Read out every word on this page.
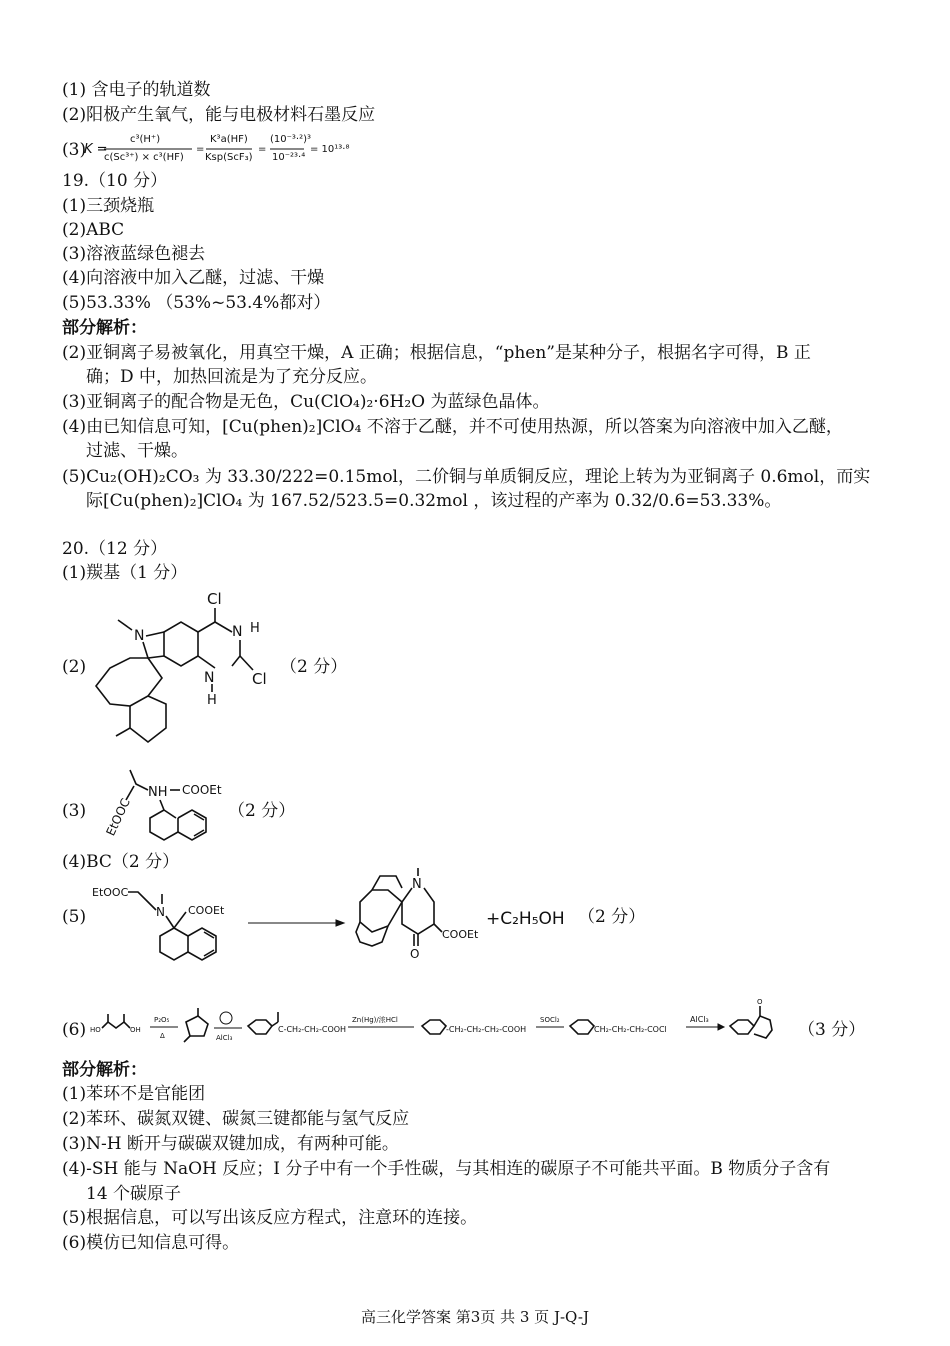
(1) 含电子的轨道数
(2)阳极产生氧气，能与电极材料石墨反应
(3)
K =
c³(H⁺)
c(Sc³⁺) × c³(HF)
=
K³a(HF)
Ksp(ScF₃)
=
(10⁻³·²)³
10⁻²³·⁴
= 10¹³·⁸
19.（10 分）
(1)三颈烧瓶
(2)ABC
(3)溶液蓝绿色褪去
(4)向溶液中加入乙醚，过滤、干燥
(5)53.33% （53%~53.4%都对）
部分解析：
(2)亚铜离子易被氧化，用真空干燥，A 正确；根据信息，“phen”是某种分子，根据名字可得，B 正
确；D 中，加热回流是为了充分反应。
(3)亚铜离子的配合物是无色，Cu(ClO₄)₂·6H₂O 为蓝绿色晶体。
(4)由已知信息可知，[Cu(phen)₂]ClO₄ 不溶于乙醚，并不可使用热源，所以答案为向溶液中加入乙醚，
过滤、干燥。
(5)Cu₂(OH)₂CO₃ 为 33.30/222=0.15mol，二价铜与单质铜反应，理论上转为为亚铜离子 0.6mol，而实
际[Cu(phen)₂]ClO₄ 为 167.52/523.5=0.32mol ，该过程的产率为 0.32/0.6=53.33%。
20.（12 分）
(1)羰基（1 分）
(2)
Cl
N H
Cl
N
H
N
（2 分）
(3)
NH COOEt
EtOOC	（2 分）
(4)BC（2 分）
(5)
EtOOC
N COOEt
N
COOEt
O
+C₂H₅OH （2 分）
(6) HO	OH
P₂O₅
Δ	AlCl₃
C-CH₂-CH₂-COOH
Zn(Hg)/浓HCl
-CH₂-CH₂-CH₂-COOH
SOCl₂
CH₂-CH₂-CH₂-COCl
AlCl₃
O
（3 分）
部分解析：
(1)苯环不是官能团
(2)苯环、碳氮双键、碳氮三键都能与氢气反应
(3)N-H 断开与碳碳双键加成，有两种可能。
(4)-SH 能与 NaOH 反应；I 分子中有一个手性碳，与其相连的碳原子不可能共平面。B 物质分子含有
14 个碳原子
(5)根据信息，可以写出该反应方程式，注意环的连接。
(6)模仿已知信息可得。
高三化学答案 第3页 共 3 页 J-Q-J
